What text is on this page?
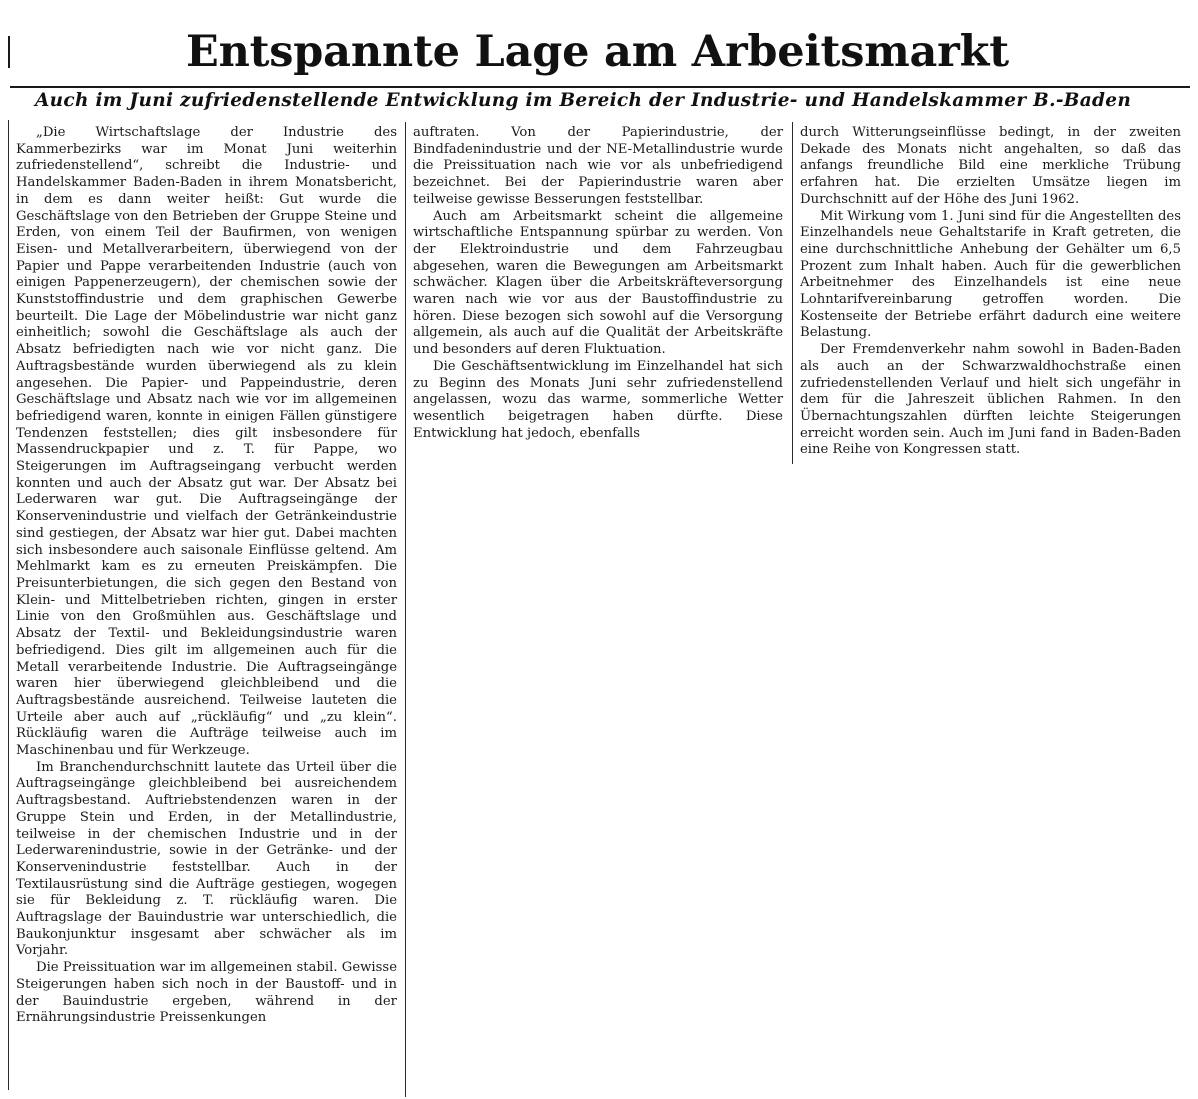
Entspannte Lage am Arbeitsmarkt
Auch im Juni zufriedenstellende Entwicklung im Bereich der Industrie- und Handelskammer B.-Baden

„Die Wirtschaftslage der Industrie des Kammerbezirks war im Monat Juni weiterhin zufriedenstellend“, schreibt die Industrie- und Handelskammer Baden-Baden in ihrem Monatsbericht, in dem es dann weiter heißt: Gut wurde die Geschäftslage von den Betrieben der Gruppe Steine und Erden, von einem Teil der Baufirmen, von wenigen Eisen- und Metallverarbeitern, überwiegend von der Papier und Pappe verarbeitenden Industrie (auch von einigen Pappenerzeugern), der chemischen sowie der Kunststoffindustrie und dem graphischen Gewerbe beurteilt. Die Lage der Möbelindustrie war nicht ganz einheitlich; sowohl die Geschäftslage als auch der Absatz befriedigten nach wie vor nicht ganz. Die Auftragsbestände wurden überwiegend als zu klein angesehen. Die Papier- und Pappeindustrie, deren Geschäftslage und Absatz nach wie vor im allgemeinen befriedigend waren, konnte in einigen Fällen günstigere Tendenzen feststellen; dies gilt insbesondere für Massendruckpapier und z. T. für Pappe, wo Steigerungen im Auftragseingang verbucht werden konnten und auch der Absatz gut war. Der Absatz bei Lederwaren war gut. Die Auftragseingänge der Konservenindustrie und vielfach der Getränkeindustrie sind gestiegen, der Absatz war hier gut. Dabei machten sich insbesondere auch saisonale Einflüsse geltend. Am Mehlmarkt kam es zu erneuten Preiskämpfen. Die Preisunterbietungen, die sich gegen den Bestand von Klein- und Mittelbetrieben richten, gingen in erster Linie von den Großmühlen aus. Geschäftslage und Absatz der Textil- und Bekleidungsindustrie waren befriedigend. Dies gilt im allgemeinen auch für die Metall verarbeitende Industrie. Die Auftragseingänge waren hier überwiegend gleichbleibend und die Auftragsbestände ausreichend. Teilweise lauteten die Urteile aber auch auf „rückläufig“ und „zu klein“. Rückläufig waren die Aufträge teilweise auch im Maschinenbau und für Werkzeuge.

Im Branchendurchschnitt lautete das Urteil über die Auftragseingänge gleichbleibend bei ausreichendem Auftragsbestand. Auftriebstendenzen waren in der Gruppe Stein und Erden, in der Metallindustrie, teilweise in der chemischen Industrie und in der Lederwarenindustrie, sowie in der Getränke- und der Konservenindustrie feststellbar. Auch in der Textilausrüstung sind die Aufträge gestiegen, wogegen sie für Bekleidung z. T. rückläufig waren. Die Auftragslage der Bauindustrie war unterschiedlich, die Baukonjunktur insgesamt aber schwächer als im Vorjahr.

Die Preissituation war im allgemeinen stabil. Gewisse Steigerungen haben sich noch in der Baustoff- und in der Bauindustrie ergeben, während in der Ernährungsindustrie Preissenkungen

auftraten. Von der Papierindustrie, der Bindfadenindustrie und der NE-Metallindustrie wurde die Preissituation nach wie vor als unbefriedigend bezeichnet. Bei der Papierindustrie waren aber teilweise gewisse Besserungen feststellbar.

Auch am Arbeitsmarkt scheint die allgemeine wirtschaftliche Entspannung spürbar zu werden. Von der Elektroindustrie und dem Fahrzeugbau abgesehen, waren die Bewegungen am Arbeitsmarkt schwächer. Klagen über die Arbeitskräfteversorgung waren nach wie vor aus der Baustoffindustrie zu hören. Diese bezogen sich sowohl auf die Versorgung allgemein, als auch auf die Qualität der Arbeitskräfte und besonders auf deren Fluktuation.

Die Geschäftsentwicklung im Einzelhandel hat sich zu Beginn des Monats Juni sehr zufriedenstellend angelassen, wozu das warme, sommerliche Wetter wesentlich beigetragen haben dürfte. Diese Entwicklung hat jedoch, ebenfalls

durch Witterungseinflüsse bedingt, in der zweiten Dekade des Monats nicht angehalten, so daß das anfangs freundliche Bild eine merkliche Trübung erfahren hat. Die erzielten Umsätze liegen im Durchschnitt auf der Höhe des Juni 1962.

Mit Wirkung vom 1. Juni sind für die Angestellten des Einzelhandels neue Gehaltstarife in Kraft getreten, die eine durchschnittliche Anhebung der Gehälter um 6,5 Prozent zum Inhalt haben. Auch für die gewerblichen Arbeitnehmer des Einzelhandels ist eine neue Lohntarifvereinbarung getroffen worden. Die Kostenseite der Betriebe erfährt dadurch eine weitere Belastung.

Der Fremdenverkehr nahm sowohl in Baden-Baden als auch an der Schwarzwaldhochstraße einen zufriedenstellenden Verlauf und hielt sich ungefähr in dem für die Jahreszeit üblichen Rahmen. In den Übernachtungszahlen dürften leichte Steigerungen erreicht worden sein. Auch im Juni fand in Baden-Baden eine Reihe von Kongressen statt.
